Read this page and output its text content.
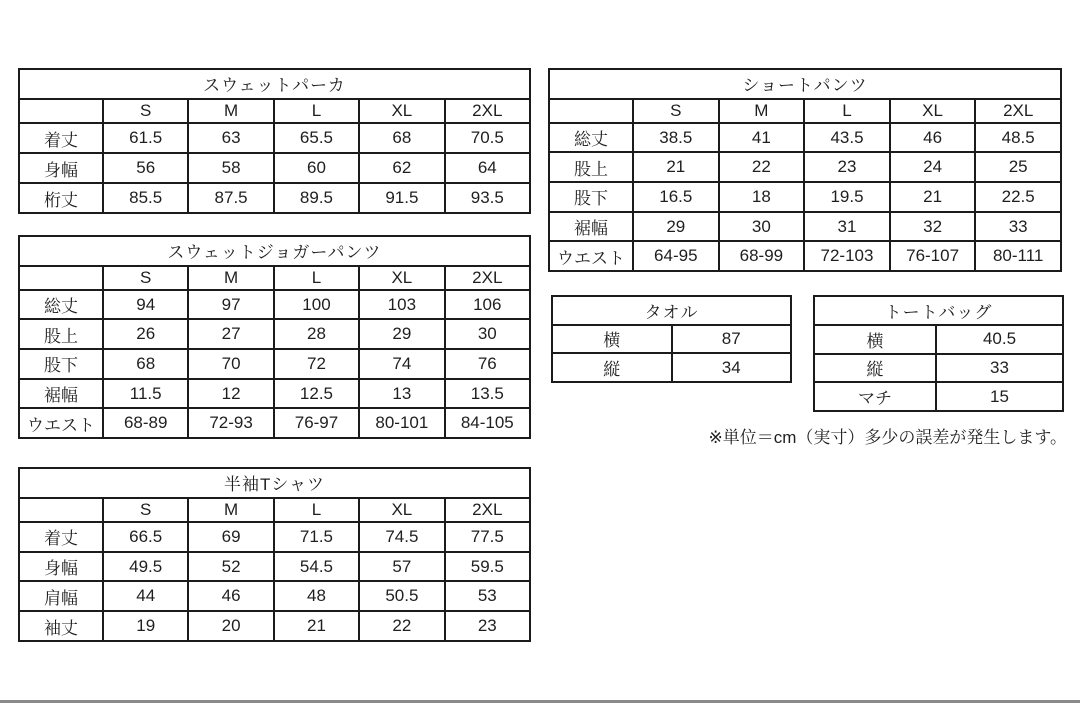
スウェットパーカ					
	S	M	L	XL	2XL
着丈	61.5	63	65.5	68	70.5
身幅	56	58	60	62	64
桁丈	85.5	87.5	89.5	91.5	93.5
ショートパンツ					
	S	M	L	XL	2XL
総丈	38.5	41	43.5	46	48.5
股上	21	22	23	24	25
股下	16.5	18	19.5	21	22.5
裾幅	29	30	31	32	33
ウエスト	64-95	68-99	72-103	76-107	80-111
スウェットジョガーパンツ					
	S	M	L	XL	2XL
総丈	94	97	100	103	106
股上	26	27	28	29	30
股下	68	70	72	74	76
裾幅	11.5	12	12.5	13	13.5
ウエスト	68-89	72-93	76-97	80-101	84-105
タオル	
横	87
縦	34
トートバッグ	
横	40.5
縦	33
マチ	15
※単位＝cm（実寸）多少の誤差が発生します。
半袖Tシャツ					
	S	M	L	XL	2XL
着丈	66.5	69	71.5	74.5	77.5
身幅	49.5	52	54.5	57	59.5
肩幅	44	46	48	50.5	53
袖丈	19	20	21	22	23
